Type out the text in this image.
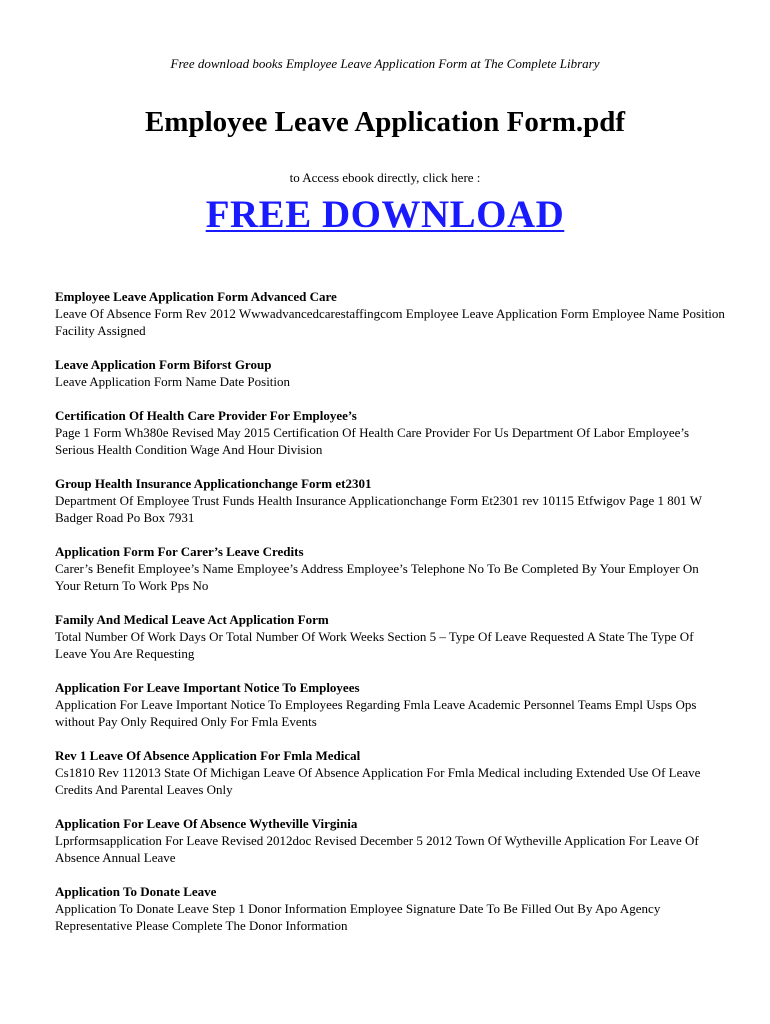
Free download books Employee Leave Application Form at The Complete Library
Employee Leave Application Form.pdf
to Access ebook directly, click here :
FREE DOWNLOAD

Employee Leave Application Form Advanced Care

Leave Of Absence Form Rev 2012 Wwwadvancedcarestaffingcom Employee Leave Application Form Employee Name Position Facility Assigned

Leave Application Form Biforst Group

Leave Application Form Name Date Position

Certification Of Health Care Provider For Employee’s

Page 1 Form Wh380e Revised May 2015 Certification Of Health Care Provider For Us Department Of Labor Employee’s Serious Health Condition Wage And Hour Division

Group Health Insurance Applicationchange Form et2301

Department Of Employee Trust Funds Health Insurance Applicationchange Form Et2301 rev 10115 Etfwigov Page 1 801 W Badger Road Po Box 7931

Application Form For Carer’s Leave Credits

Carer’s Benefit Employee’s Name Employee’s Address Employee’s Telephone No To Be Completed By Your Employer On Your Return To Work Pps No

Family And Medical Leave Act Application Form

Total Number Of Work Days Or Total Number Of Work Weeks Section 5 – Type Of Leave Requested A State The Type Of Leave You Are Requesting

Application For Leave Important Notice To Employees

Application For Leave Important Notice To Employees Regarding Fmla Leave Academic Personnel Teams Empl Usps Ops without Pay Only Required Only For Fmla Events

Rev 1 Leave Of Absence Application For Fmla Medical

Cs1810 Rev 112013 State Of Michigan Leave Of Absence Application For Fmla Medical including Extended Use Of Leave Credits And Parental Leaves Only

Application For Leave Of Absence Wytheville Virginia

Lprformsapplication For Leave Revised 2012doc Revised December 5 2012 Town Of Wytheville Application For Leave Of Absence Annual Leave

Application To Donate Leave

Application To Donate Leave Step 1 Donor Information Employee Signature Date To Be Filled Out By Apo Agency Representative Please Complete The Donor Information
